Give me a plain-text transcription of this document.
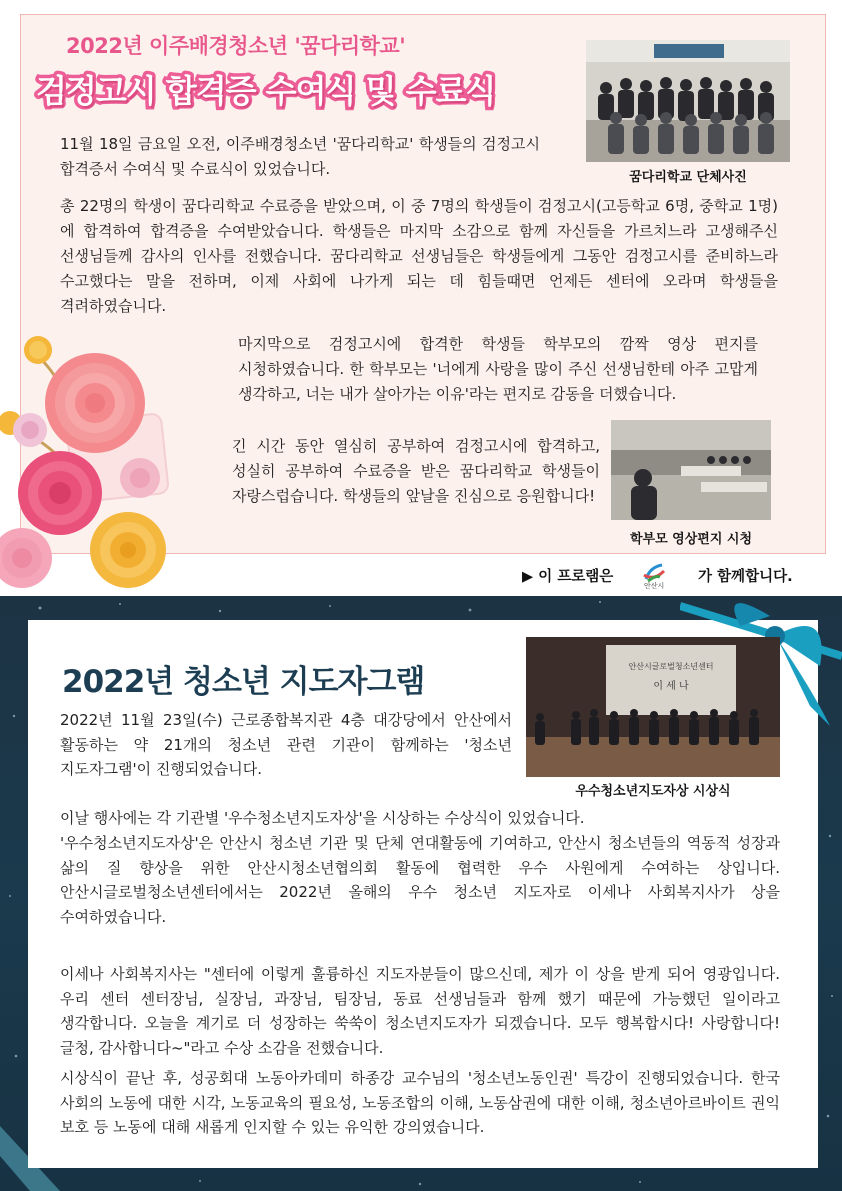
2022년 이주배경청소년 '꿈다리학교'
검정고시 합격증 수여식 및 수료식
꿈다리학교 단체사진
11월 18일 금요일 오전, 이주배경청소년 '꿈다리학교' 학생들의 검정고시 합격증서 수여식 및 수료식이 있었습니다.
총 22명의 학생이 꿈다리학교 수료증을 받았으며, 이 중 7명의 학생들이 검정고시(고등학교 6명, 중학교 1명)에 합격하여 합격증을 수여받았습니다. 학생들은 마지막 소감으로 함께 자신들을 가르치느라 고생해주신 선생님들께 감사의 인사를 전했습니다. 꿈다리학교 선생님들은 학생들에게 그동안 검정고시를 준비하느라 수고했다는 말을 전하며, 이제 사회에 나가게 되는 데 힘들때면 언제든 센터에 오라며 학생들을 격려하였습니다.
마지막으로 검정고시에 합격한 학생들 학부모의 깜짝 영상 편지를 시청하였습니다. 한 학부모는 '너에게 사랑을 많이 주신 선생님한테 아주 고맙게 생각하고, 너는 내가 살아가는 이유'라는 편지로 감동을 더했습니다.
학부모 영상편지 시청
긴 시간 동안 열심히 공부하여 검정고시에 합격하고, 성실히 공부하여 수료증을 받은 꿈다리학교 학생들이 자랑스럽습니다. 학생들의 앞날을 진심으로 응원합니다!
▶ 이 프로램은
안산시
가 함께합니다.
2022년 청소년 지도자그램	안산시글로벌청소년센터
이 세 나
우수청소년지도자상 시상식
2022년 11월 23일(수) 근로종합복지관 4층 대강당에서 안산에서 활동하는 약 21개의 청소년 관련 기관이 함께하는 '청소년 지도자그램'이 진행되었습니다.
이날 행사에는 각 기관별 '우수청소년지도자상'을 시상하는 수상식이 있었습니다.
'우수청소년지도자상'은 안산시 청소년 기관 및 단체 연대활동에 기여하고, 안산시 청소년들의 역동적 성장과 삶의 질 향상을 위한 안산시청소년협의회 활동에 협력한 우수 사원에게 수여하는 상입니다. 안산시글로벌청소년센터에서는 2022년 올해의 우수 청소년 지도자로 이세나 사회복지사가 상을 수여하였습니다.
이세나 사회복지사는 "센터에 이렇게 훌륭하신 지도자분들이 많으신데, 제가 이 상을 받게 되어 영광입니다. 우리 센터 센터장님, 실장님, 과장님, 팀장님, 동료 선생님들과 함께 했기 때문에 가능했던 일이라고 생각합니다. 오늘을 계기로 더 성장하는 쑥쑥이 청소년지도자가 되겠습니다. 모두 행복합시다! 사랑합니다! 글청, 감사합니다~"라고 수상 소감을 전했습니다.
시상식이 끝난 후, 성공회대 노동아카데미 하종강 교수님의 '청소년노동인권' 특강이 진행되었습니다. 한국 사회의 노동에 대한 시각, 노동교육의 필요성, 노동조합의 이해, 노동삼권에 대한 이해, 청소년아르바이트 권익 보호 등 노동에 대해 새롭게 인지할 수 있는 유익한 강의였습니다.
